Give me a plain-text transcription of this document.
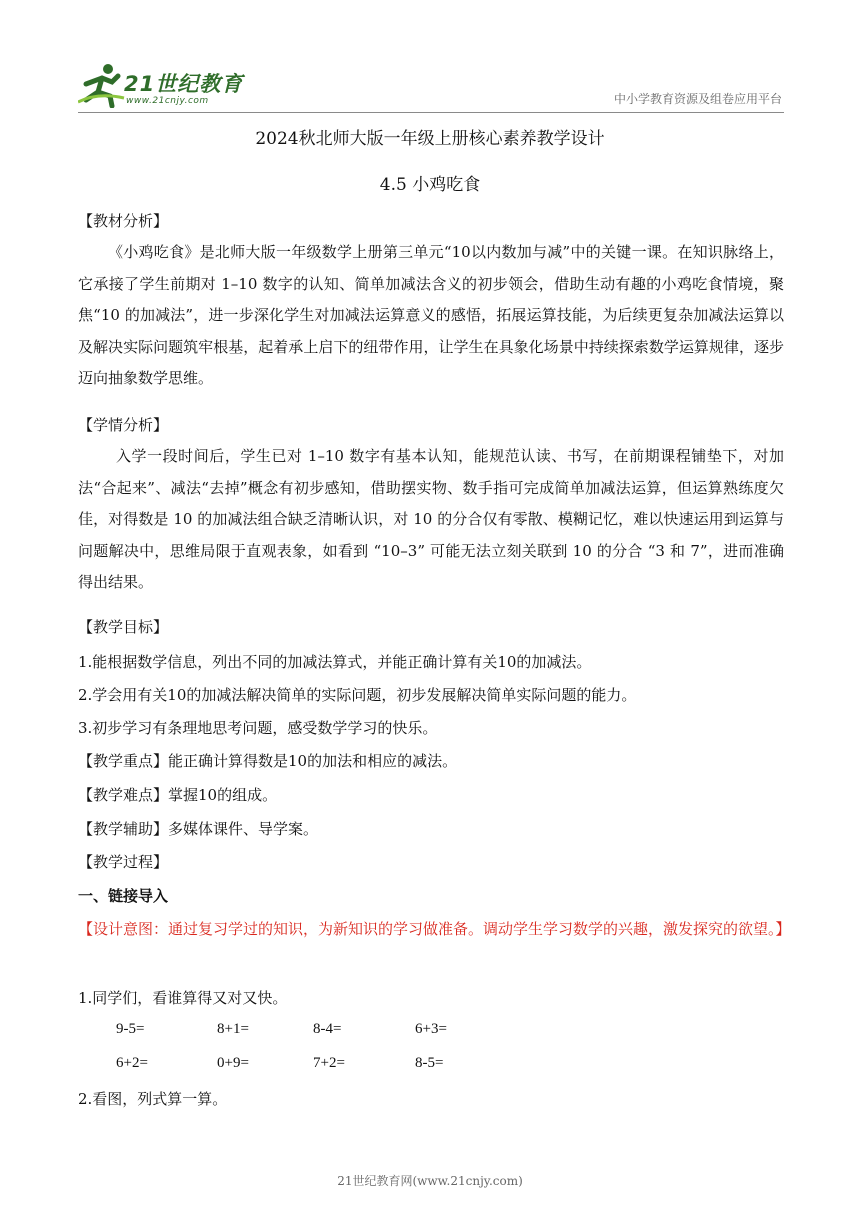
21世纪教育
www.21cnjy.com	中小学教育资源及组卷应用平台
2024秋北师大版一年级上册核心素养教学设计
4.5 小鸡吃食
【教材分析】
《小鸡吃食》是北师大版一年级数学上册第三单元“10以内数加与减”中的关键一课。在知识脉络上，它承接了学生前期对 1–10 数字的认知、简单加减法含义的初步领会，借助生动有趣的小鸡吃食情境，聚焦“10 的加减法”，进一步深化学生对加减法运算意义的感悟，拓展运算技能，为后续更复杂加减法运算以及解决实际问题筑牢根基，起着承上启下的纽带作用，让学生在具象化场景中持续探索数学运算规律，逐步迈向抽象数学思维。
【学情分析】
入学一段时间后，学生已对 1–10 数字有基本认知，能规范认读、书写，在前期课程铺垫下，对加法“合起来”、减法“去掉”概念有初步感知，借助摆实物、数手指可完成简单加减法运算，但运算熟练度欠佳，对得数是 10 的加减法组合缺乏清晰认识，对 10 的分合仅有零散、模糊记忆，难以快速运用到运算与问题解决中，思维局限于直观表象，如看到 “10–3” 可能无法立刻关联到 10 的分合 “3 和 7”，进而准确得出结果。
【教学目标】
1.能根据数学信息，列出不同的加减法算式，并能正确计算有关10的加减法。
2.学会用有关10的加减法解决简单的实际问题，初步发展解决简单实际问题的能力。
3.初步学习有条理地思考问题，感受数学学习的快乐。
【教学重点】能正确计算得数是10的加法和相应的减法。
【教学难点】掌握10的组成。
【教学辅助】多媒体课件、导学案。
【教学过程】
一、链接导入
【设计意图：通过复习学过的知识，为新知识的学习做准备。调动学生学习数学的兴趣，激发探究的欲望。】
1.同学们，看谁算得又对又快。
9-5=	8+1=	8-4=	6+3=
6+2=	0+9=	7+2=	8-5=
2.看图，列式算一算。
21世纪教育网(www.21cnjy.com)
